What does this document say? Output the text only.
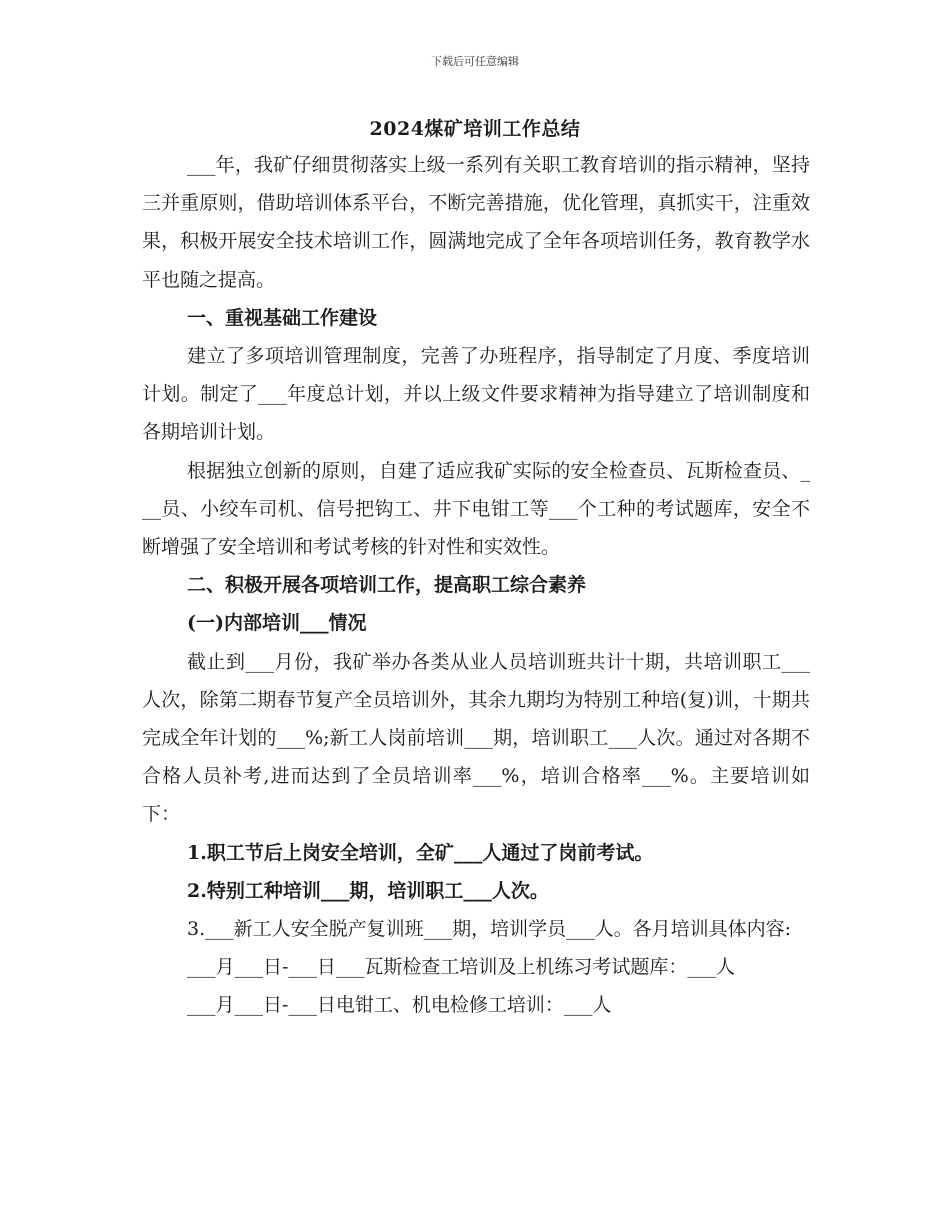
下载后可任意编辑
2024煤矿培训工作总结

___年，我矿仔细贯彻落实上级一系列有关职工教育培训的指示精神，坚持三并重原则，借助培训体系平台，不断完善措施，优化管理，真抓实干，注重效果，积极开展安全技术培训工作，圆满地完成了全年各项培训任务，教育教学水平也随之提高。

一、重视基础工作建设

建立了多项培训管理制度，完善了办班程序，指导制定了月度、季度培训计划。制定了___年度总计划，并以上级文件要求精神为指导建立了培训制度和各期培训计划。

根据独立创新的原则，自建了适应我矿实际的安全检查员、瓦斯检查员、___员、小绞车司机、信号把钩工、井下电钳工等___个工种的考试题库，安全不断增强了安全培训和考试考核的针对性和实效性。

二、积极开展各项培训工作，提高职工综合素养

(一)内部培训___情况

截止到___月份，我矿举办各类从业人员培训班共计十期，共培训职工___人次，除第二期春节复产全员培训外，其余九期均为特别工种培(复)训，十期共完成全年计划的___%;新工人岗前培训___期，培训职工___人次。通过对各期不合格人员补考,进而达到了全员培训率___%，培训合格率___%。主要培训如下：

1.职工节后上岗安全培训，全矿___人通过了岗前考试。

2.特别工种培训___期，培训职工___人次。

3.___新工人安全脱产复训班___期，培训学员___人。各月培训具体内容:

___月___日-___日___瓦斯检查工培训及上机练习考试题库：___人

___月___日-___日电钳工、机电检修工培训：___人
